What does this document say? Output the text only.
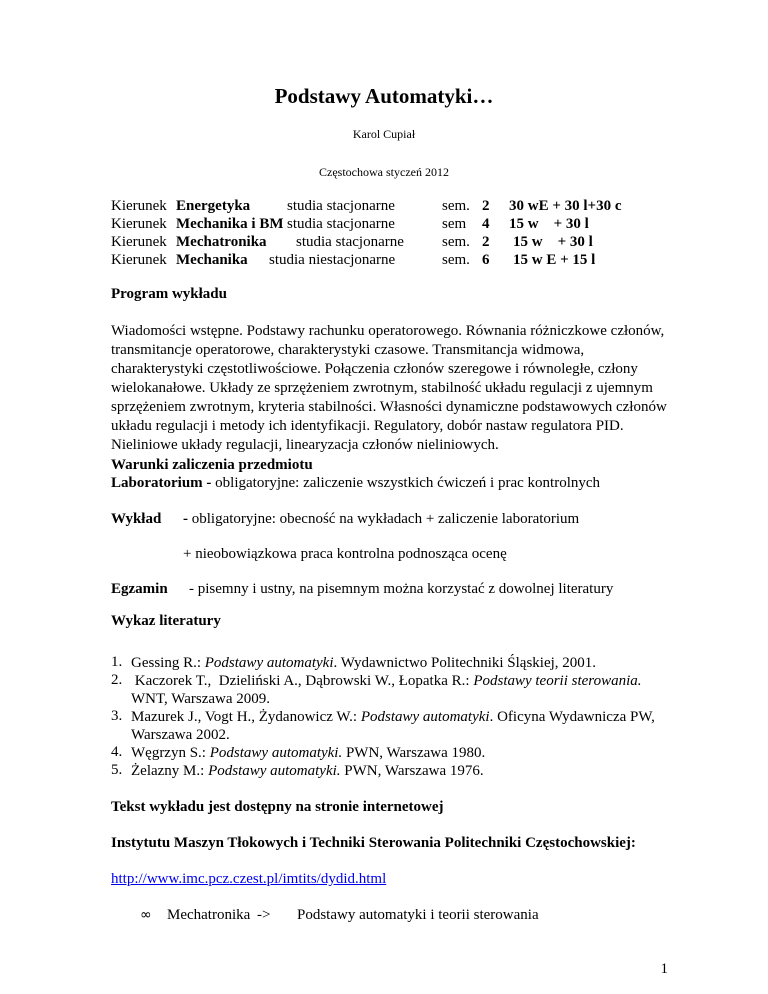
Podstawy Automatyki…
Karol Cupiał
Częstochowa styczeń 2012
Kierunek Energetyka studia stacjonarne	sem. 2 30 wE + 30 l+30 c
Kierunek Mechanika i BM studia stacjonarne	sem 4 15 w    + 30 l
Kierunek Mechatronika studia stacjonarne	sem. 2 15 w    + 30 l
Kierunek Mechanika studia niestacjonarne	sem. 6 15 w E + 15 l
Program wykładu
Wiadomości wstępne. Podstawy rachunku operatorowego. Równania różniczkowe członów, transmitancje operatorowe, charakterystyki czasowe. Transmitancja widmowa, charakterystyki częstotliwościowe. Połączenia członów szeregowe i równoległe, człony wielokanałowe. Układy ze sprzężeniem zwrotnym, stabilność układu regulacji z ujemnym sprzężeniem zwrotnym, kryteria stabilności. Własności dynamiczne podstawowych członów układu regulacji i metody ich identyfikacji. Regulatory, dobór nastaw regulatora PID. Nieliniowe układy regulacji, linearyzacja członów nieliniowych.
Warunki zaliczenia przedmiotu
Laboratorium - obligatoryjne: zaliczenie wszystkich ćwiczeń i prac kontrolnych
Wykład - obligatoryjne: obecność na wykładach + zaliczenie laboratorium
+ nieobowiązkowa praca kontrolna podnosząca ocenę
Egzamin - pisemny i ustny, na pisemnym można korzystać z dowolnej literatury
Wykaz literatury
1. Gessing R.: Podstawy automatyki. Wydawnictwo Politechniki Śląskiej, 2001.
2. Kaczorek T.,  Dzieliński A., Dąbrowski W., Łopatka R.: Podstawy teorii sterowania. WNT, Warszawa 2009.
3. Mazurek J., Vogt H., Żydanowicz W.: Podstawy automatyki. Oficyna Wydawnicza PW, Warszawa 2002.
4. Węgrzyn S.: Podstawy automatyki. PWN, Warszawa 1980.
5. Żelazny M.: Podstawy automatyki. PWN, Warszawa 1976.
Tekst wykładu jest dostępny na stronie internetowej
Instytutu Maszyn Tłokowych i Techniki Sterowania Politechniki Częstochowskiej:
http://www.imc.pcz.czest.pl/imtits/dydid.html
∞ Mechatronika -> Podstawy automatyki i teorii sterowania
1
